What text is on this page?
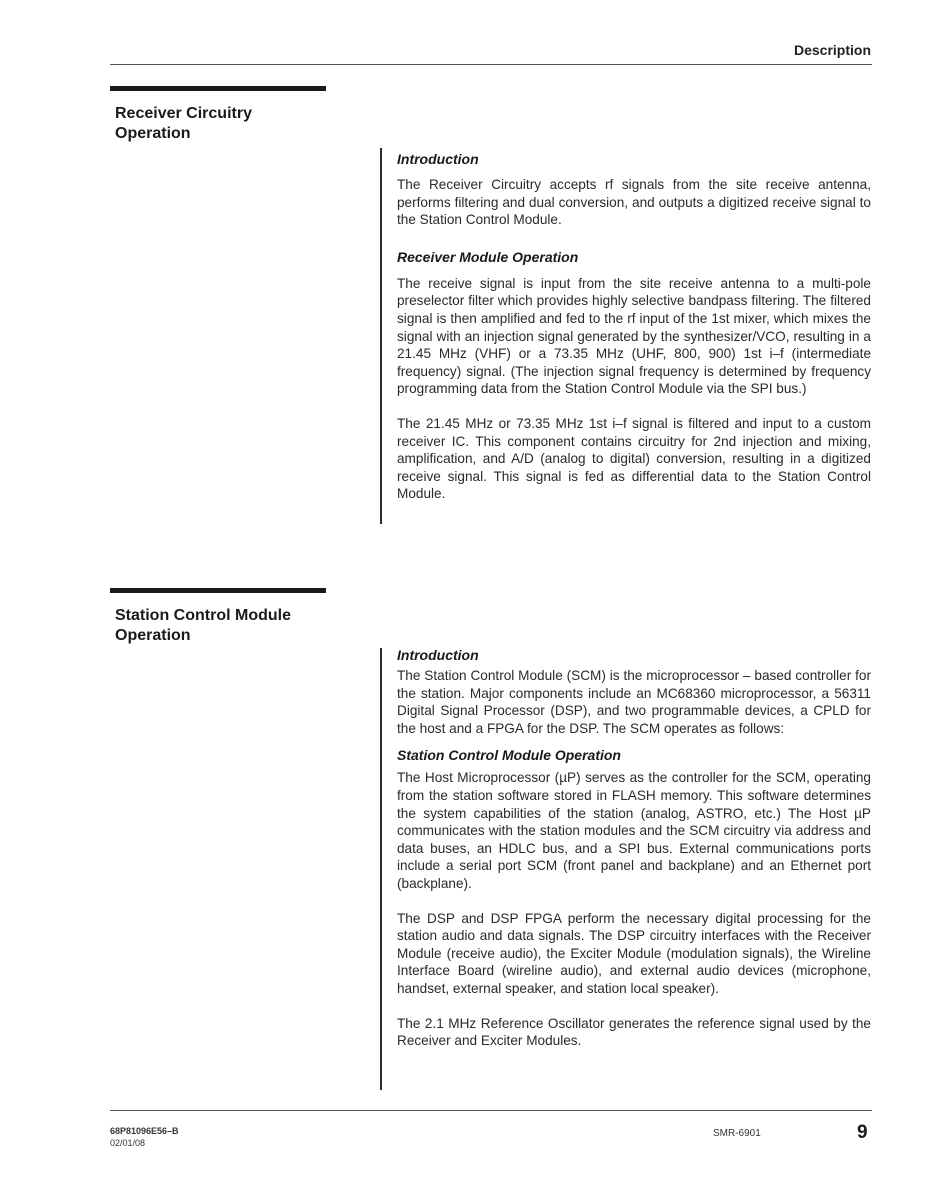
Description
Receiver Circuitry
Operation

Introduction

The Receiver Circuitry accepts rf signals from the site receive antenna, performs filtering and dual conversion, and outputs a digitized receive signal to the Station Control Module.

Receiver Module Operation

The receive signal is input from the site receive antenna to a multi-pole preselector filter which provides highly selective bandpass filtering. The filtered signal is then amplified and fed to the rf input of the 1st mixer, which mixes the signal with an injection signal generated by the synthesizer/VCO, resulting in a 21.45 MHz (VHF) or a 73.35 MHz (UHF, 800, 900) 1st i–f (intermediate frequency) signal. (The injection signal frequency is determined by frequency programming data from the Station Control Module via the SPI bus.)

The 21.45 MHz or 73.35 MHz 1st i–f signal is filtered and input to a custom receiver IC. This component contains circuitry for 2nd injection and mixing, amplification, and A/D (analog to digital) conversion, resulting in a digitized receive signal. This signal is fed as differential data to the Station Control Module.

Station Control Module
Operation

Introduction

The Station Control Module (SCM) is the microprocessor – based controller for the station. Major components include an MC68360 microprocessor, a 56311 Digital Signal Processor (DSP), and two programmable devices, a CPLD for the host and a FPGA for the DSP. The SCM operates as follows:

Station Control Module Operation

The Host Microprocessor (µP) serves as the controller for the SCM, operating from the station software stored in FLASH memory. This software determines the system capabilities of the station (analog, ASTRO, etc.) The Host µP communicates with the station modules and the SCM circuitry via address and data buses, an HDLC bus, and a SPI bus. External communications ports include a serial port SCM (front panel and backplane) and an Ethernet port (backplane).

The DSP and DSP FPGA perform the necessary digital processing for the station audio and data signals. The DSP circuitry interfaces with the Receiver Module (receive audio), the Exciter Module (modulation signals), the Wireline Interface Board (wireline audio), and external audio devices (microphone, handset, external speaker, and station local speaker).

The 2.1 MHz Reference Oscillator generates the reference signal used by the Receiver and Exciter Modules.

68P81096E56–B
02/01/08
SMR-6901	9
